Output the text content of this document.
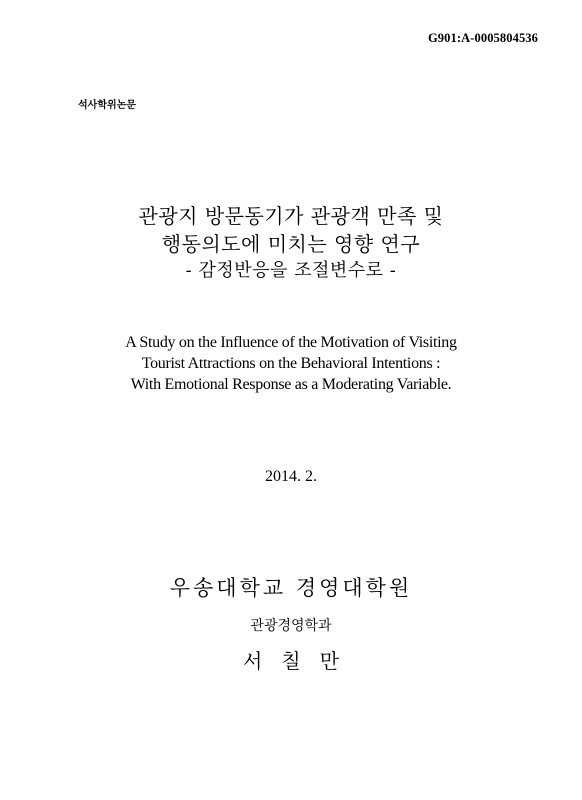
G901:A-0005804536
석사학위논문
관광지 방문동기가 관광객 만족 및
행동의도에 미치는 영향 연구
- 감정반응을 조절변수로 -
A Study on the Influence of the Motivation of Visiting
Tourist Attractions on the Behavioral Intentions :
With Emotional Response as a Moderating Variable.
2014. 2.
우송대학교 경영대학원
관광경영학과
서   칠   만
